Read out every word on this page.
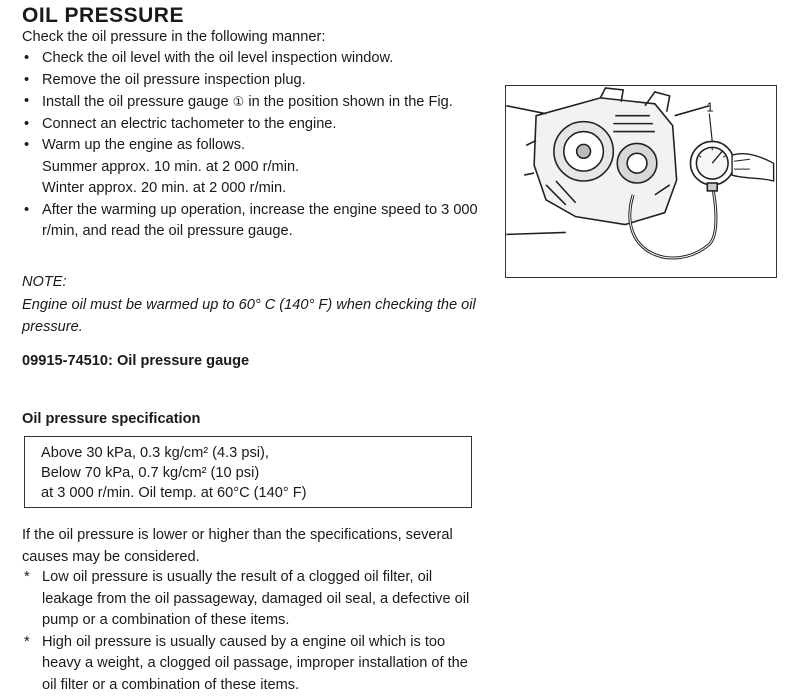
OIL PRESSURE
Check the oil pressure in the following manner:
• Check the oil level with the oil level inspection window.
• Remove the oil pressure inspection plug.
• Install the oil pressure gauge ① in the position shown in the Fig.
• Connect an electric tachometer to the engine.
• Warm up the engine as follows.
Summer approx. 10 min. at 2 000 r/min.
Winter approx. 20 min. at 2 000 r/min.
• After the warming up operation, increase the engine speed to 3 000 r/min, and read the oil pressure gauge.
1
NOTE:
Engine oil must be warmed up to 60° C (140° F) when checking the oil pressure.
09915-74510: Oil pressure gauge
Oil pressure specification
Above 30 kPa, 0.3 kg/cm² (4.3 psi),
Below 70 kPa, 0.7 kg/cm² (10 psi)
at 3 000 r/min. Oil temp. at 60°C (140° F)
If the oil pressure is lower or higher than the specifications, several causes may be considered.
* Low oil pressure is usually the result of a clogged oil filter, oil leakage from the oil passageway, damaged oil seal, a defective oil pump or a combination of these items.
* High oil pressure is usually caused by a engine oil which is too heavy a weight, a clogged oil passage, improper installation of the oil filter or a combination of these items.
